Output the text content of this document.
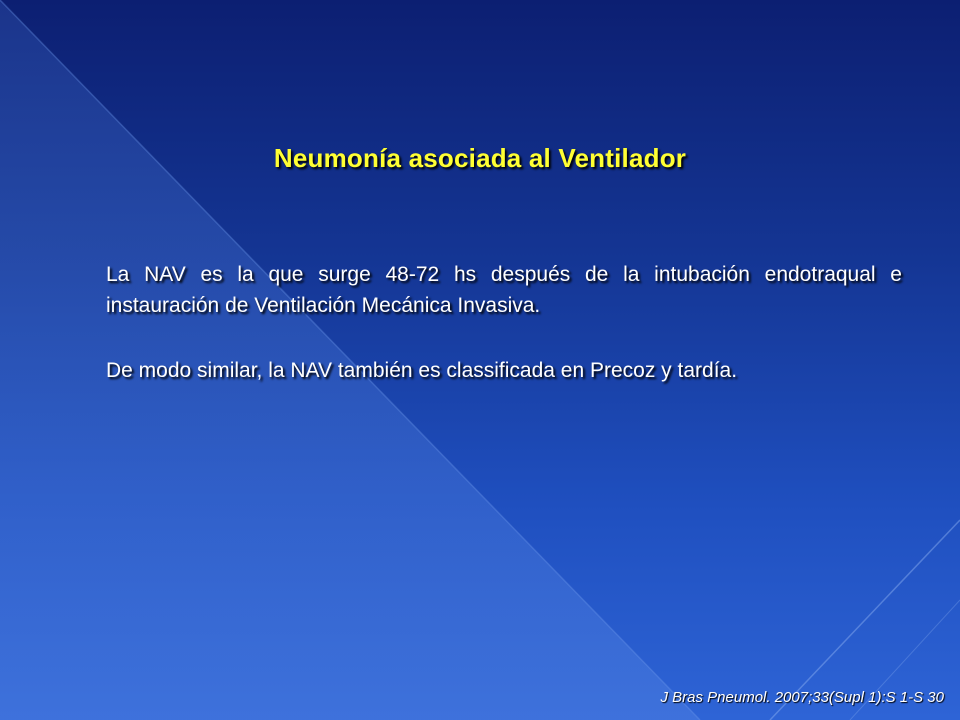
Neumonía asociada al Ventilador

La NAV es la que surge 48-72 hs después de la intubación endotraqual e instauración de Ventilación Mecánica Invasiva.

De modo similar, la NAV también es classificada en Precoz y tardía.

J Bras Pneumol. 2007;33(Supl 1):S 1-S 30
